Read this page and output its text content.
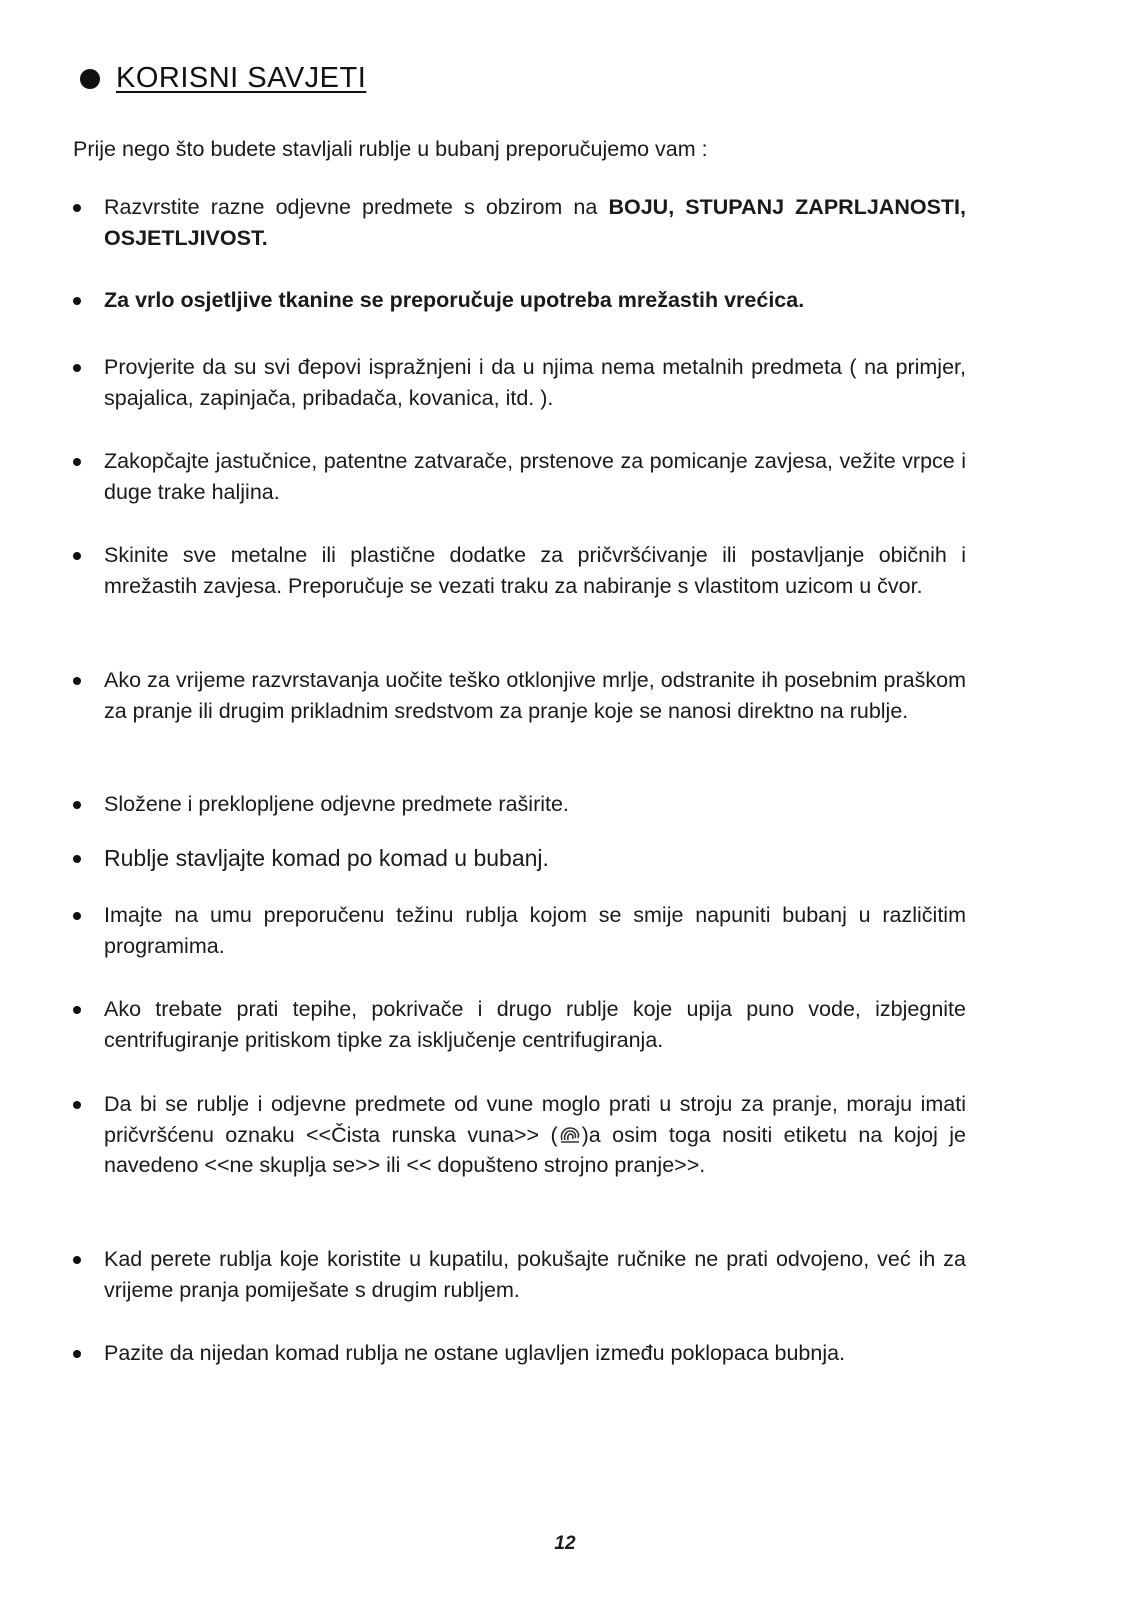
KORISNI SAVJETI
Prije nego što budete stavljali rublje u bubanj preporučujemo vam :
Razvrstite razne odjevne predmete s obzirom na BOJU, STUPANJ ZAPRLJANOSTI, OSJETLJIVOST.
Za vrlo osjetljive tkanine se preporučuje upotreba mrežastih vrećica.
Provjerite da su svi đepovi ispražnjeni i da u njima nema metalnih predmeta ( na primjer, spajalica, zapinjača, pribadača, kovanica, itd. ).
Zakopčajte jastučnice, patentne zatvarače, prstenove za pomicanje zavjesa, vežite vrpce i duge trake haljina.
Skinite sve metalne ili plastične dodatke za pričvršćivanje ili postavljanje običnih i mrežastih zavjesa. Preporučuje se vezati traku za nabiranje s vlastitom uzicom u čvor.
Ako za vrijeme razvrstavanja uočite teško otklonjive mrlje, odstranite ih posebnim praškom za pranje ili drugim prikladnim sredstvom za pranje koje se nanosi direktno na rublje.
Složene i preklopljene odjevne predmete raširite.
Rublje stavljajte komad po komad u bubanj.
Imajte na umu preporučenu težinu rublja kojom se smije napuniti bubanj u različitim programima.
Ako trebate prati tepihe, pokrivače i drugo rublje koje upija puno vode, izbjegnite centrifugiranje pritiskom tipke za isključenje centrifugiranja.
Da bi se rublje i odjevne predmete od vune moglo prati u stroju za pranje, moraju imati pričvršćenu oznaku <<Čista runska vuna>> ( )a osim toga nositi etiketu na kojoj je navedeno <<ne skuplja se>> ili << dopušteno strojno pranje>>.
Kad perete rublja koje koristite u kupatilu, pokušajte ručnike ne prati odvojeno, već ih za vrijeme pranja pomiješate s drugim rubljem.
Pazite da nijedan komad rublja ne ostane uglavljen između poklopaca bubnja.
12
